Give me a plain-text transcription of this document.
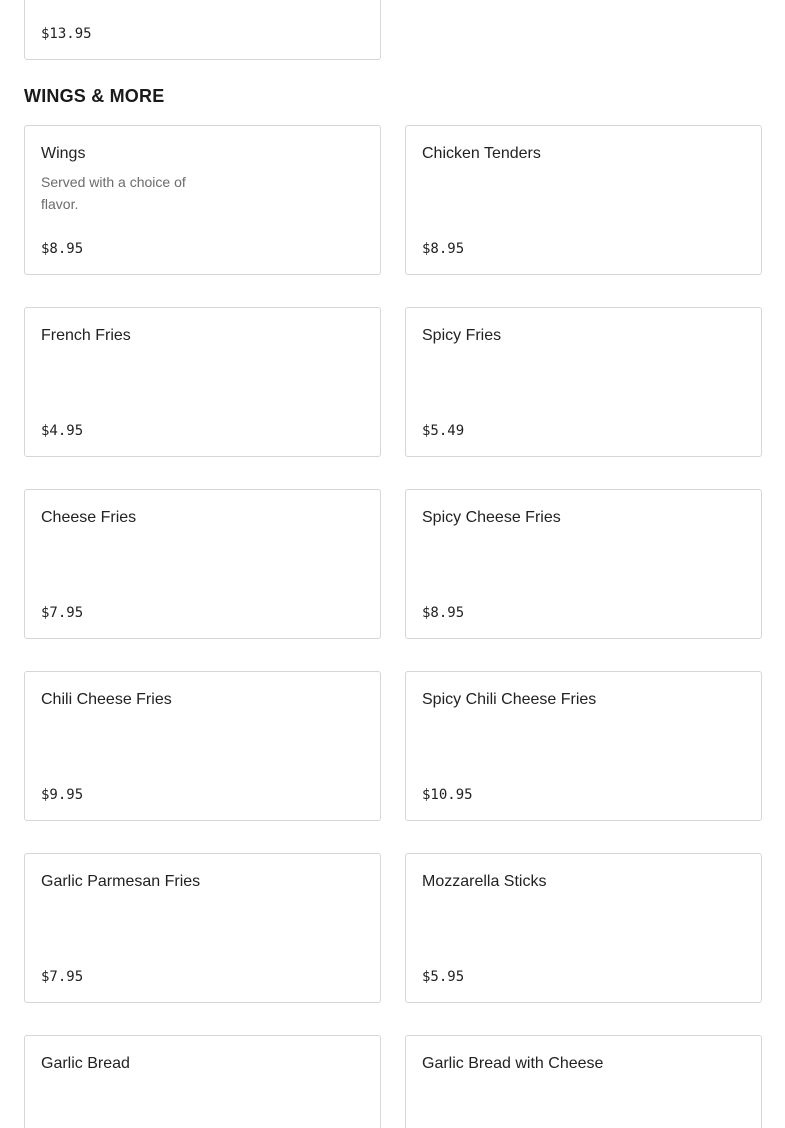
$13.95
WINGS & MORE
Wings
Served with a choice of flavor.
$8.95
Chicken Tenders
$8.95
French Fries
$4.95
Spicy Fries
$5.49
Cheese Fries
$7.95
Spicy Cheese Fries
$8.95
Chili Cheese Fries
$9.95
Spicy Chili Cheese Fries
$10.95
Garlic Parmesan Fries
$7.95
Mozzarella Sticks
$5.95
Garlic Bread	Garlic Bread with Cheese
